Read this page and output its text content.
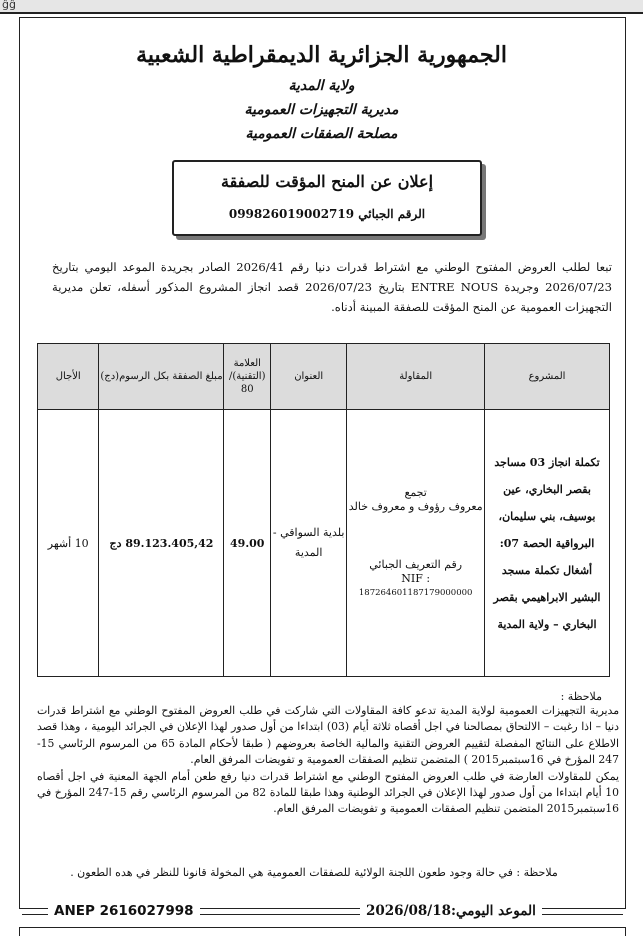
ĝĝ
الجمهورية الجزائرية الديمقراطية الشعبية
ولاية المدية
مديرية التجهيزات العمومية
مصلحة الصفقات العمومية
إعلان عن المنح المؤقت للصفقة
الرقم الجبائي 099826019002719

تبعا لطلب العروض المفتوح الوطني مع اشتراط قدرات دنيا رقم 2026/41 الصادر بجريدة الموعد اليومي بتاريخ 2026/07/23 وجريدة ENTRE NOUS بتاريخ 2026/07/23 قصد انجاز المشروع المذكور أسفله، تعلن مديرية التجهيزات العمومية عن المنح المؤقت للصفقة المبينة أدناه.

المشروع	المقاولة	العنوان	العلامة (التقنية)/ 80	مبلغ الصفقة بكل الرسوم(دج)	الأجال
تكملة انجاز 03 مساجد بقصر البخاري، عين بوسيف، بني سليمان، البرواقية الحصة 07: أشغال تكملة مسجد البشير الابراهيمي بقصر البخاري – ولاية المدية	تجمع
معروف رؤوف و معروف خالد
رقم التعريف الجبائي
: NIF
187264601187179000000	بلدية السواقي - المدية	49.00	89.123.405,42 دج	10 أشهر
ملاحظة :

مديرية التجهيزات العمومية لولاية المدية تدعو كافة المقاولات التي شاركت في طلب العروض المفتوح الوطني مع اشتراط قدرات دنيا – اذا رغبت – الالتحاق بمصالحنا في اجل أقصاه ثلاثة أيام (03) ابتداءا من أول صدور لهذا الإعلان في الجرائد اليومية ، وهذا قصد الاطلاع على النتائج المفصلة لتقييم العروض التقنية والمالية الخاصة بعروضهم ( طبقا لأحكام المادة 65 من المرسوم الرئاسي 15-247 المؤرخ في 16سبتمبر2015 ) المتضمن تنظيم الصفقات العمومية و تفويضات المرفق العام.

يمكن للمقاولات العارضة في طلب العروض المفتوح الوطني مع اشتراط قدرات دنيا رفع طعن أمام الجهة المعنية في اجل أقصاه 10 أيام ابتداءا من أول صدور لهذا الإعلان في الجرائد الوطنية وهذا طبقا للمادة 82 من المرسوم الرئاسي رقم 15-247 المؤرخ في 16سبتمبر2015 المتضمن تنظيم الصفقات العمومية و تفويضات المرفق العام.

ملاحظة : في حالة وجود طعون اللجنة الولائية للصفقات العمومية هي المخولة قانونا للنظر في هده الطعون .
ANEP 2616027998	الموعد اليومي:2026/08/18
